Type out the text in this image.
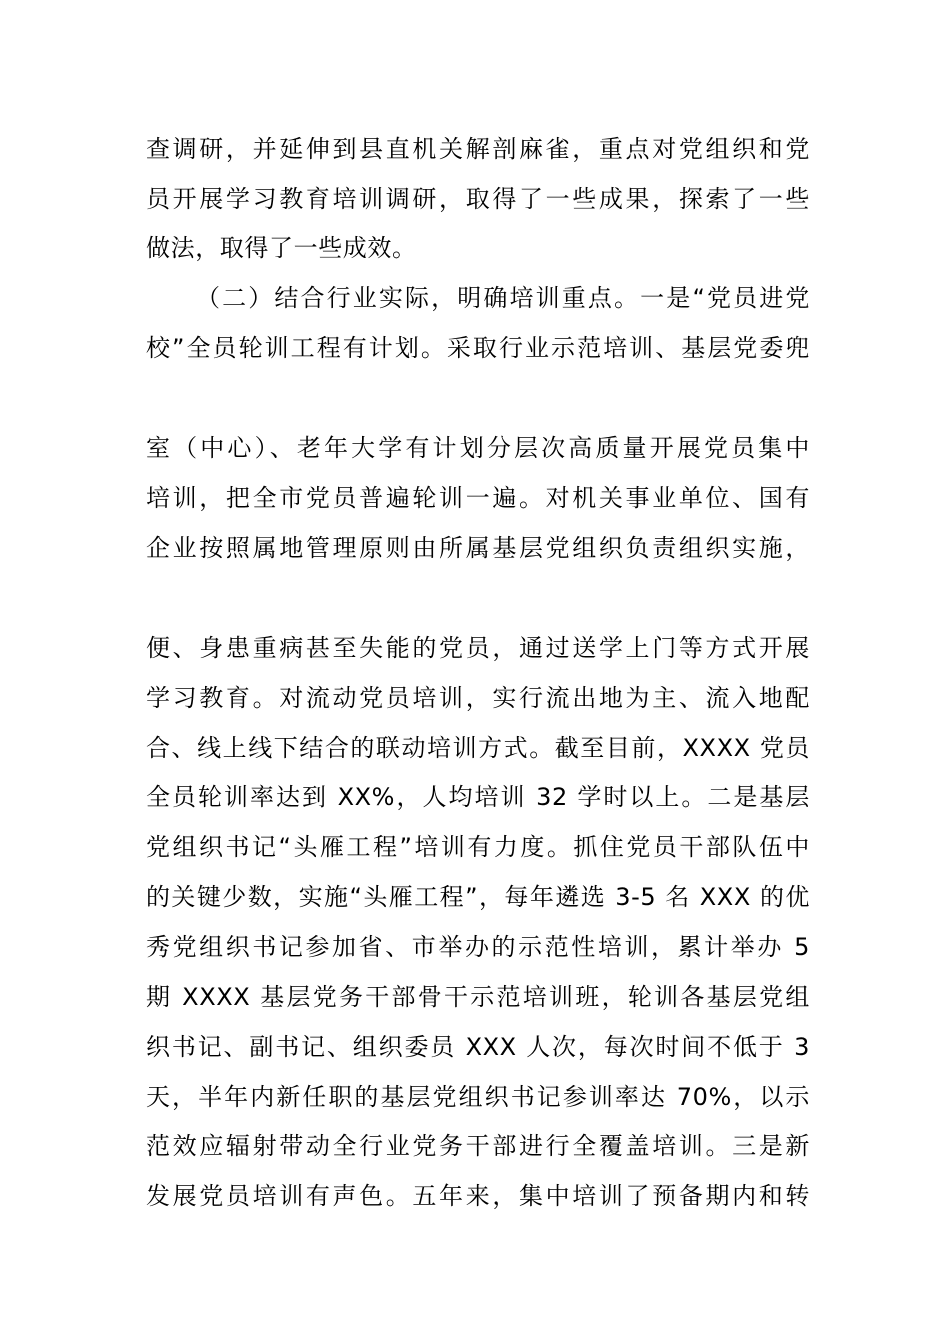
查调研，并延伸到县直机关解剖麻雀，重点对党组织和党
员开展学习教育培训调研，取得了一些成果，探索了一些
做法，取得了一些成效。
（二）结合行业实际，明确培训重点。一是“党员进党
校”全员轮训工程有计划。采取行业示范培训、基层党委兜
室（中心）、老年大学有计划分层次高质量开展党员集中
培训，把全市党员普遍轮训一遍。对机关事业单位、国有
企业按照属地管理原则由所属基层党组织负责组织实施，
便、身患重病甚至失能的党员，通过送学上门等方式开展
学习教育。对流动党员培训，实行流出地为主、流入地配
合、线上线下结合的联动培训方式。截至目前，XXXX 党员
全员轮训率达到 XX%，人均培训 32 学时以上。二是基层
党组织书记“头雁工程”培训有力度。抓住党员干部队伍中
的关键少数，实施“头雁工程”，每年遴选 3-5 名 XXX 的优
秀党组织书记参加省、市举办的示范性培训，累计举办 5
期 XXXX 基层党务干部骨干示范培训班，轮训各基层党组
织书记、副书记、组织委员 XXX 人次，每次时间不低于 3
天，半年内新任职的基层党组织书记参训率达 70%，以示
范效应辐射带动全行业党务干部进行全覆盖培训。三是新
发展党员培训有声色。五年来，集中培训了预备期内和转
